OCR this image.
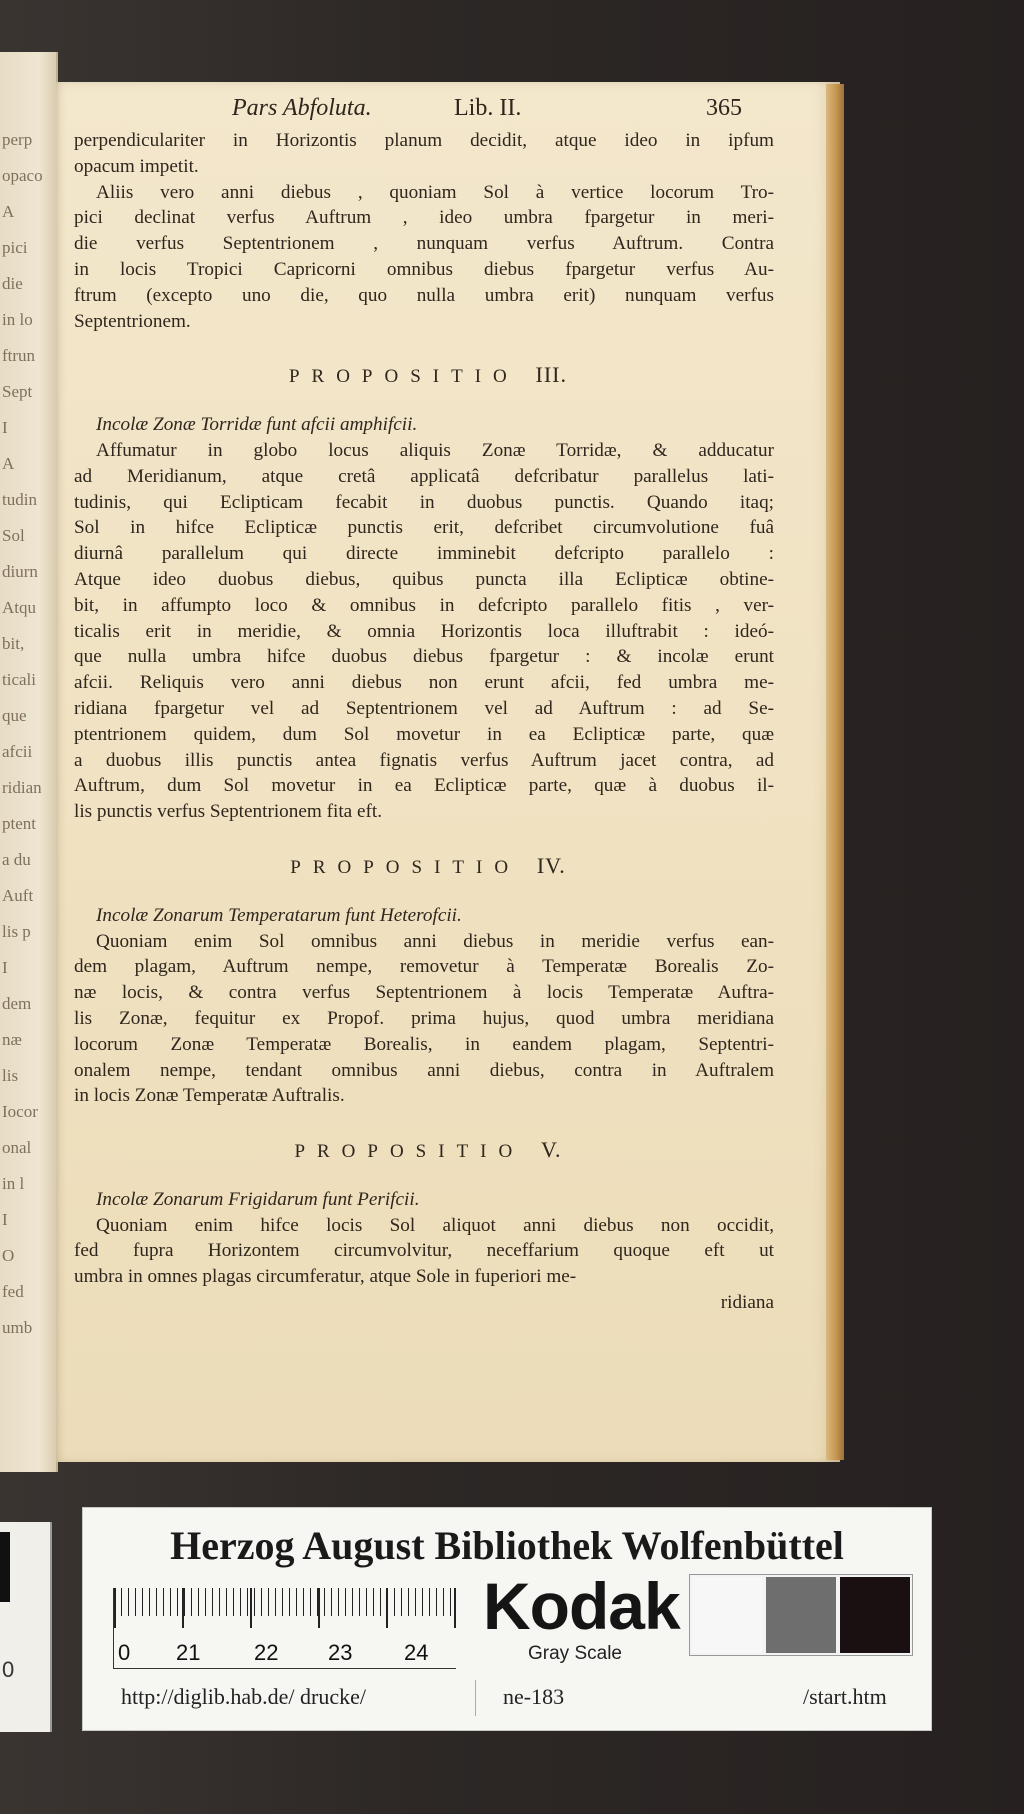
perp
opaco
A
pici
die
in lo
ftrun
Sept
I
A
tudin
Sol
diurn
Atqu
bit,
ticali
que
afcii
ridian
ptent
a du
Auft
lis p
I
dem
næ
lis
Iocor
onal
in l
I
O
fed
umb
0
Pars Abfoluta.	Lib. II.	365

perpendiculariter in Horizontis planum decidit, atque ideo in ipfum

opacum impetit.

Aliis vero anni diebus , quoniam Sol à vertice locorum Tro-

pici declinat verfus Auftrum , ideo umbra fpargetur in meri-

die verfus Septentrionem , nunquam verfus Auftrum. Contra

in locis Tropici Capricorni omnibus diebus fpargetur verfus Au-

ftrum (excepto uno die, quo nulla umbra erit) nunquam verfus

Septentrionem.

PROPOSITIO III.

Incolæ Zonæ Torridæ funt afcii amphifcii.

Affumatur in globo locus aliquis Zonæ Torridæ, & adducatur

ad Meridianum, atque cretâ applicatâ defcribatur parallelus lati-

tudinis, qui Eclipticam fecabit in duobus punctis. Quando itaq;

Sol in hifce Eclipticæ punctis erit, defcribet circumvolutione fuâ

diurnâ parallelum qui directe imminebit defcripto parallelo :

Atque ideo duobus diebus, quibus puncta illa Eclipticæ obtine-

bit, in affumpto loco & omnibus in defcripto parallelo fitis , ver-

ticalis erit in meridie, & omnia Horizontis loca illuftrabit : ideó-

que nulla umbra hifce duobus diebus fpargetur : & incolæ erunt

afcii. Reliquis vero anni diebus non erunt afcii, fed umbra me-

ridiana fpargetur vel ad Septentrionem vel ad Auftrum : ad Se-

ptentrionem quidem, dum Sol movetur in ea Eclipticæ parte, quæ

a duobus illis punctis antea fignatis verfus Auftrum jacet contra, ad

Auftrum, dum Sol movetur in ea Eclipticæ parte, quæ à duobus il-

lis punctis verfus Septentrionem fita eft.

PROPOSITIO IV.

Incolæ Zonarum Temperatarum funt Heterofcii.

Quoniam enim Sol omnibus anni diebus in meridie verfus ean-

dem plagam, Auftrum nempe, removetur à Temperatæ Borealis Zo-

næ locis, & contra verfus Septentrionem à locis Temperatæ Auftra-

lis Zonæ, fequitur ex Propof. prima hujus, quod umbra meridiana

locorum Zonæ Temperatæ Borealis, in eandem plagam, Septentri-

onalem nempe, tendant omnibus anni diebus, contra in Auftralem

in locis Zonæ Temperatæ Auftralis.

PROPOSITIO V.

Incolæ Zonarum Frigidarum funt Perifcii.

Quoniam enim hifce locis Sol aliquot anni diebus non occidit,

fed fupra Horizontem circumvolvitur, neceffarium quoque eft ut

umbra in omnes plagas circumferatur, atque Sole in fuperiori me-

ridiana

Herzog August Bibliothek Wolfenbüttel
0 21 22 23 24
Kodak
Gray Scale
http://diglib.hab.de/ drucke/	ne-183	/start.htm
